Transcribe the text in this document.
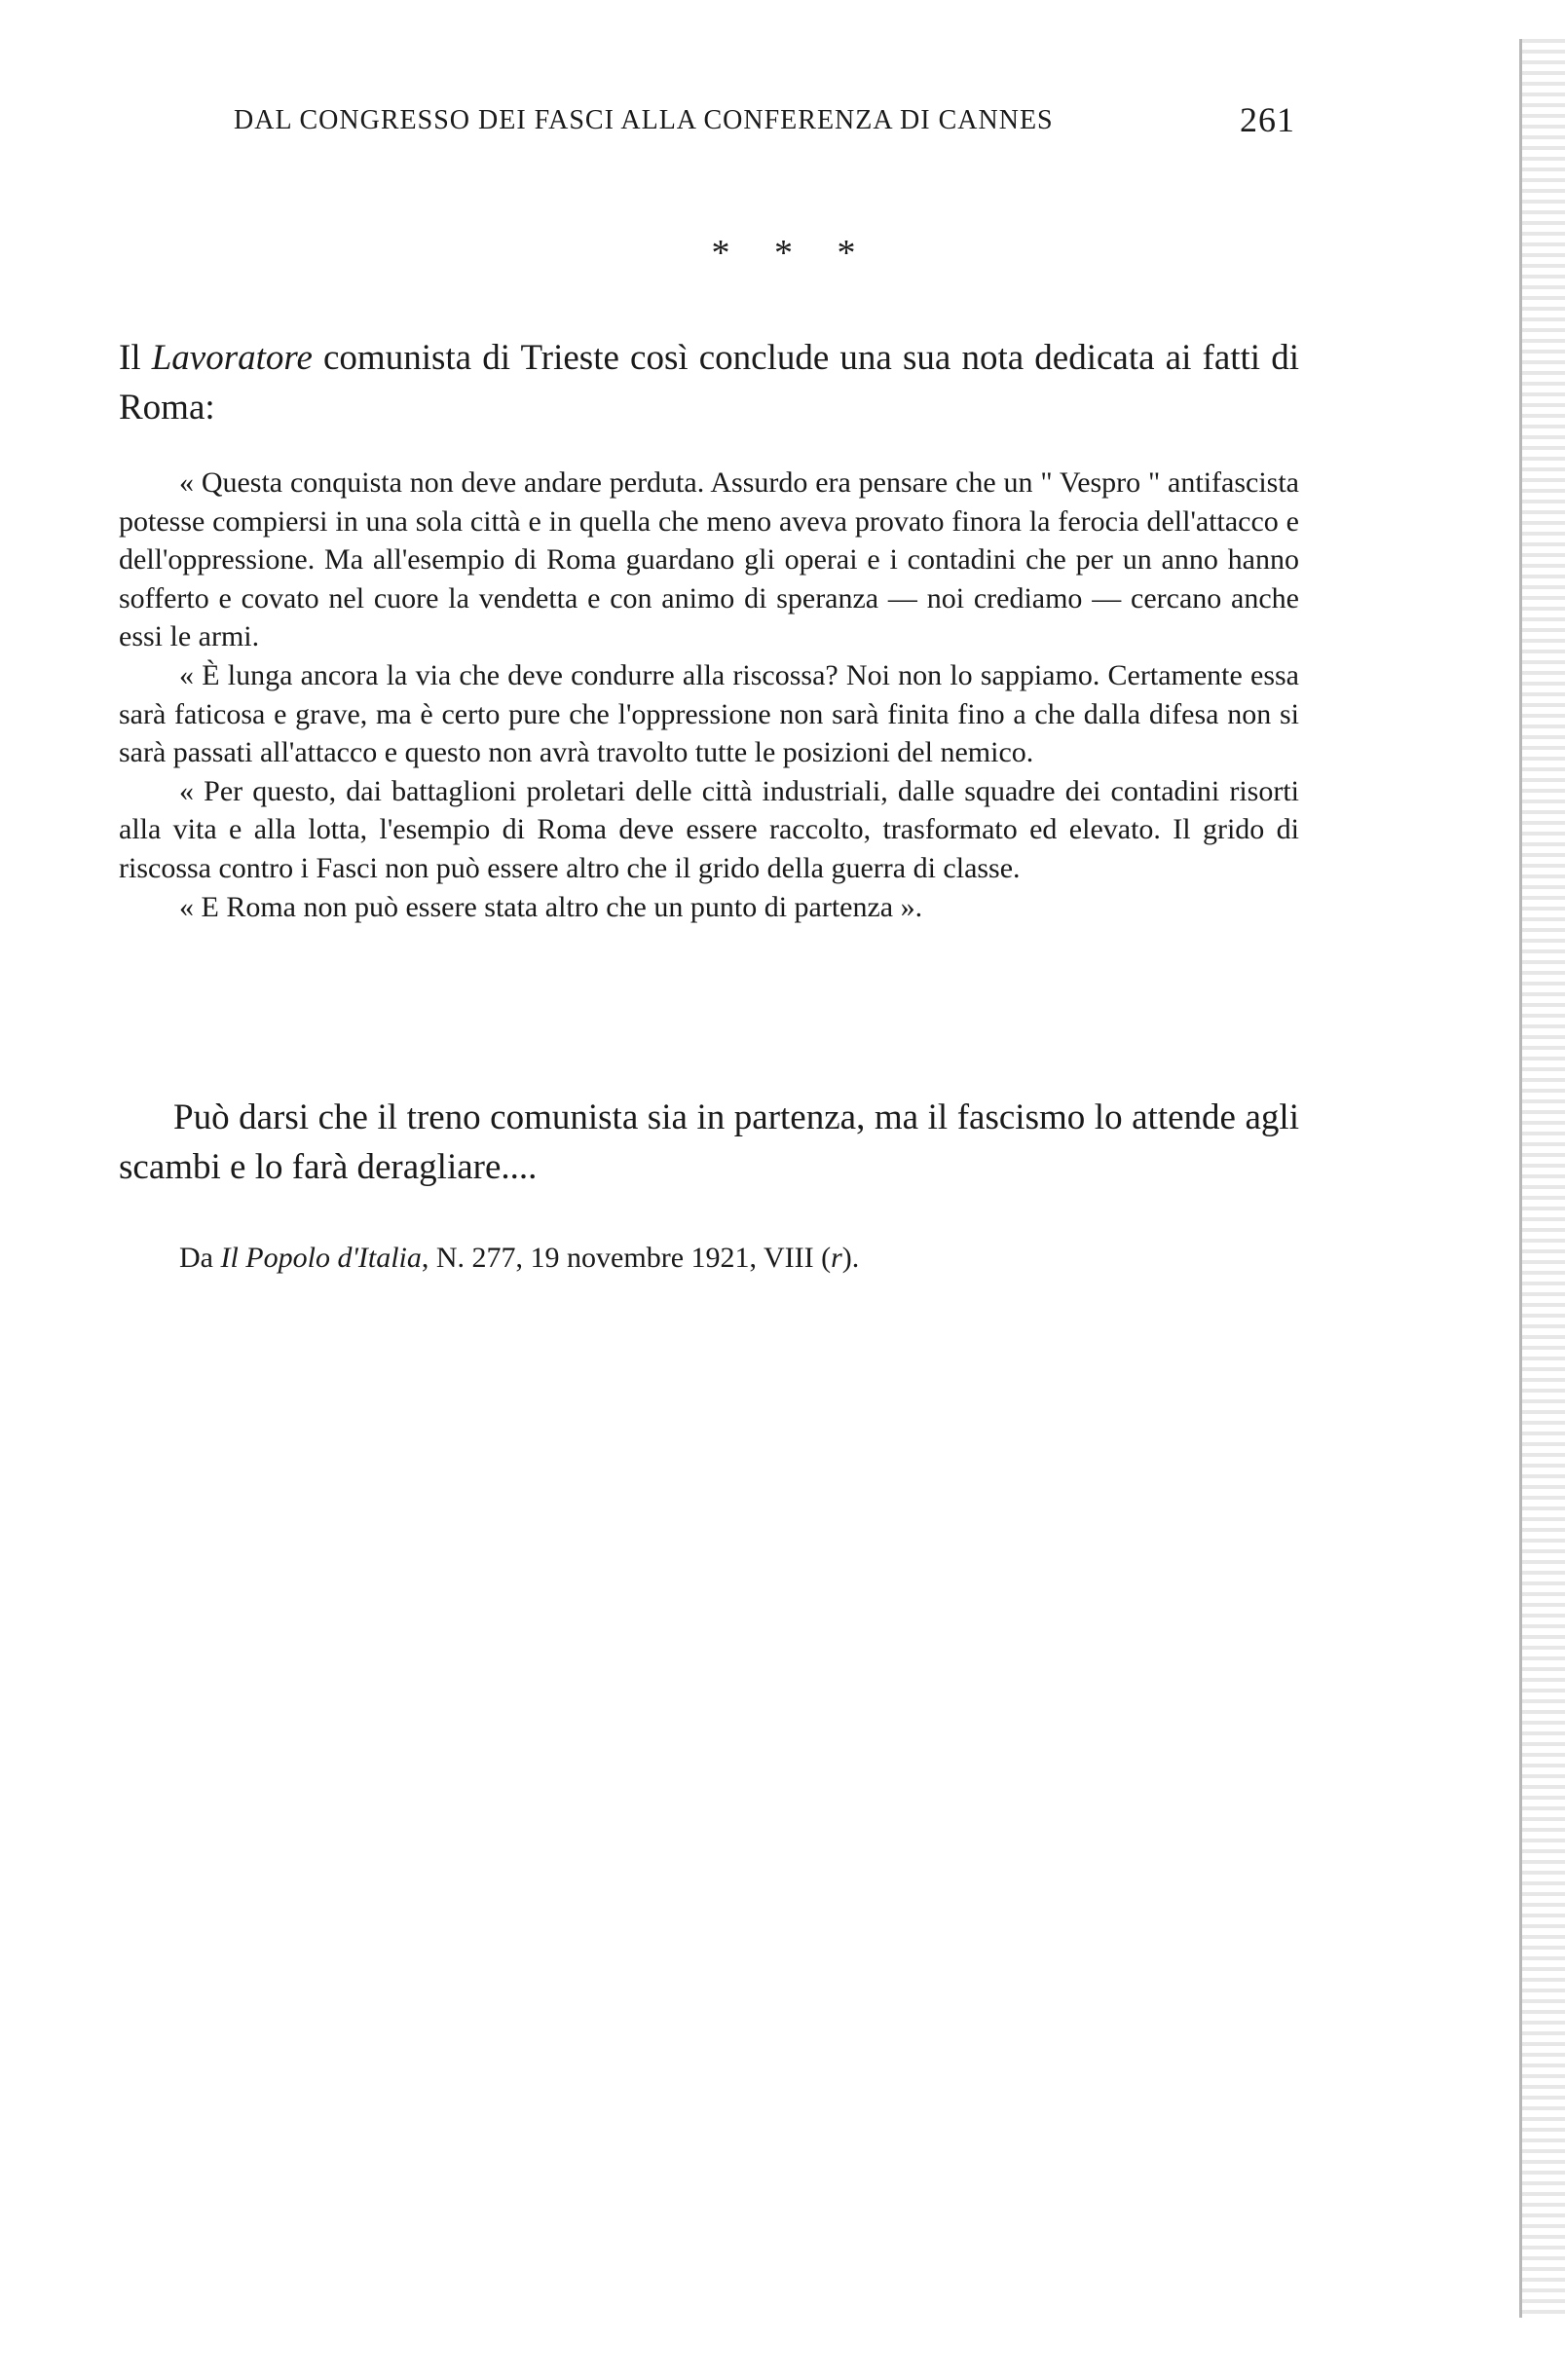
DAL CONGRESSO DEI FASCI ALLA CONFERENZA DI CANNES	261
* * *

Il Lavoratore comunista di Trieste così conclude una sua nota dedicata ai fatti di Roma:

« Questa conquista non deve andare perduta. Assurdo era pensare che un " Vespro " antifascista potesse compiersi in una sola città e in quella che meno aveva provato finora la ferocia dell'attacco e dell'oppressione. Ma all'esempio di Roma guardano gli operai e i contadini che per un anno hanno sofferto e covato nel cuore la vendetta e con animo di speranza — noi crediamo — cercano anche essi le armi.

« È lunga ancora la via che deve condurre alla riscossa? Noi non lo sappiamo. Certamente essa sarà faticosa e grave, ma è certo pure che l'oppressione non sarà finita fino a che dalla difesa non si sarà passati all'attacco e questo non avrà travolto tutte le posizioni del nemico.

« Per questo, dai battaglioni proletari delle città industriali, dalle squadre dei contadini risorti alla vita e alla lotta, l'esempio di Roma deve essere raccolto, trasformato ed elevato. Il grido di riscossa contro i Fasci non può essere altro che il grido della guerra di classe.

« E Roma non può essere stata altro che un punto di partenza ».

Può darsi che il treno comunista sia in partenza, ma il fascismo lo attende agli scambi e lo farà deragliare....

Da Il Popolo d'Italia, N. 277, 19 novembre 1921, VIII (r).
